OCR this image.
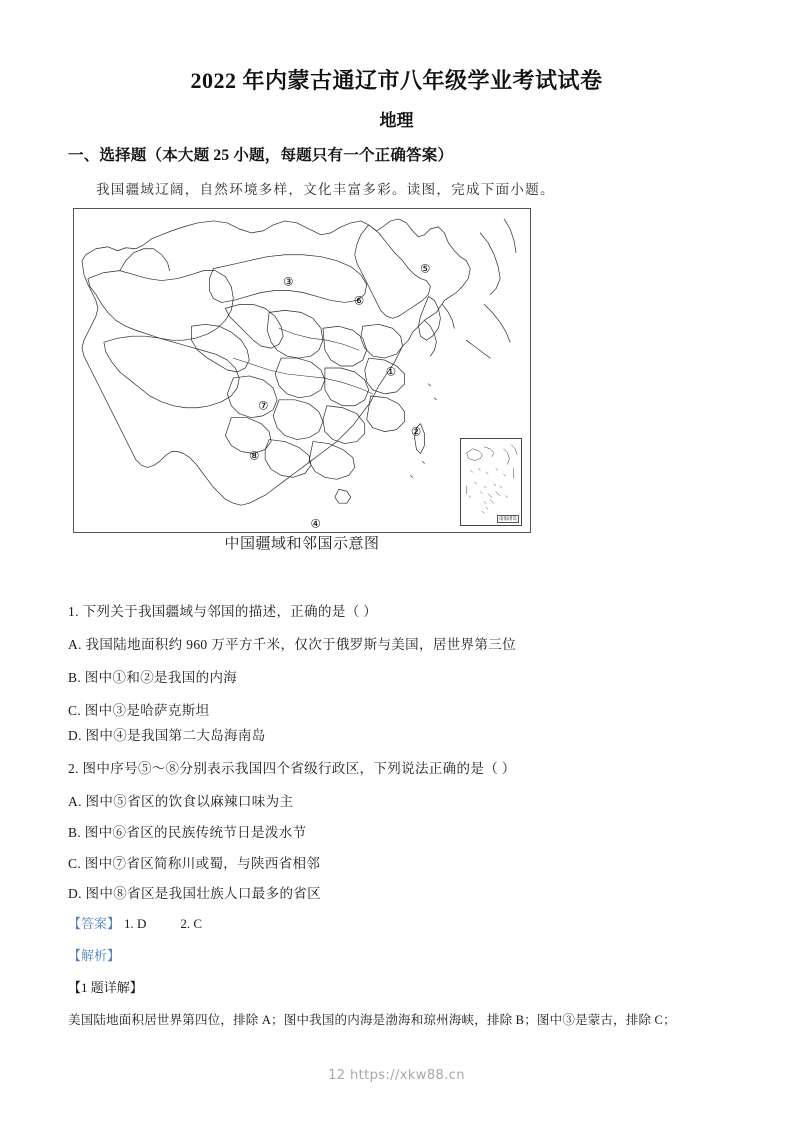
2022 年内蒙古通辽市八年级学业考试试卷
地理
一、选择题（本大题 25 小题，每题只有一个正确答案）
我国疆域辽阔，自然环境多样，文化丰富多彩。读图，完成下面小题。
①
②
③
④
⑤
⑥
⑦
⑧
南海诸岛
中国疆域和邻国示意图
1. 下列关于我国疆域与邻国的描述，正确的是（ ）
A. 我国陆地面积约 960 万平方千米，仅次于俄罗斯与美国，居世界第三位
B. 图中①和②是我国的内海
C. 图中③是哈萨克斯坦
D. 图中④是我国第二大岛海南岛
2. 图中序号⑤～⑧分别表示我国四个省级行政区，下列说法正确的是（ ）
A. 图中⑤省区的饮食以麻辣口味为主
B. 图中⑥省区的民族传统节日是泼水节
C. 图中⑦省区简称川或蜀，与陕西省相邻
D. 图中⑧省区是我国壮族人口最多的省区
【答案】 1. D	2. C
【解析】
【1 题详解】
美国陆地面积居世界第四位，排除 A；图中我国的内海是渤海和琼州海峡，排除 B；图中③是蒙古，排除 C；
12 https://xkw88.cn
